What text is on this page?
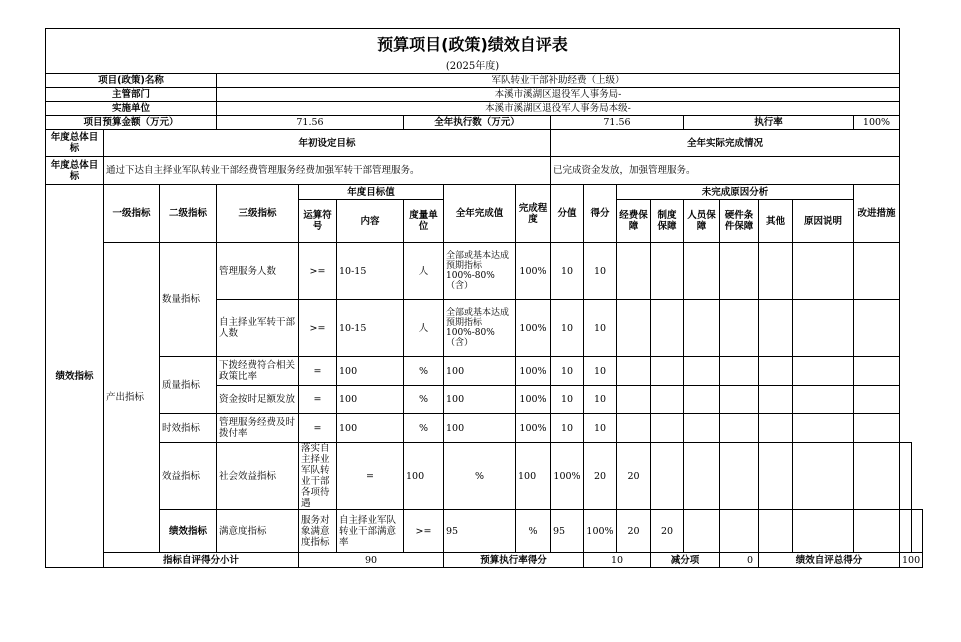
预算项目(政策)绩效自评表																			
(2025年度)																			
项目(政策)名称			军队转业干部补助经费（上级）																
主管部门			本溪市溪湖区退役军人事务局-																
实施单位			本溪市溪湖区退役军人事务局本级-																
项目预算金额（万元）			71.56			全年执行数（万元）			71.56				执行率				100%		
年度总体目标	年初设定目标								全年实际完成情况										
年度总体目标	通过下达自主择业军队转业干部经费管理服务经费加强军转干部管理服务。								已完成资金发放，加强管理服务。										
绩效指标	一级指标	二级指标	三级指标	年度目标值			全年完成值	完成程度	分值	得分	未完成原因分析						改进措施		
				运算符号	内容	度量单位					经费保障	制度保障	人员保障	硬件条件保障	其他	原因说明			
	产出指标	数量指标	管理服务人数	>=	10-15	人	全部或基本达成预期指标100%-80%（含）	100%	10	10									
			自主择业军转干部人数	>=	10-15	人	全部或基本达成预期指标100%-80%（含）	100%	10	10									
		质量指标	下拨经费符合相关政策比率	=	100	%	100	100%	10	10									
			资金按时足额发放	=	100	%	100	100%	10	10									
		时效指标	管理服务经费及时拨付率	=	100	%	100	100%	10	10									
		效益指标	社会效益指标	落实自主择业军队转业干部各项待遇	=	100	%	100	100%	20	20								
		绩效指标	满意度指标	服务对象满意度指标	自主择业军队转业干部满意率	>=	95	%	95	100%	20	20							
	指标自评得分小计			90			预算执行率得分			10		减分项		0	绩效自评总得分			100	
